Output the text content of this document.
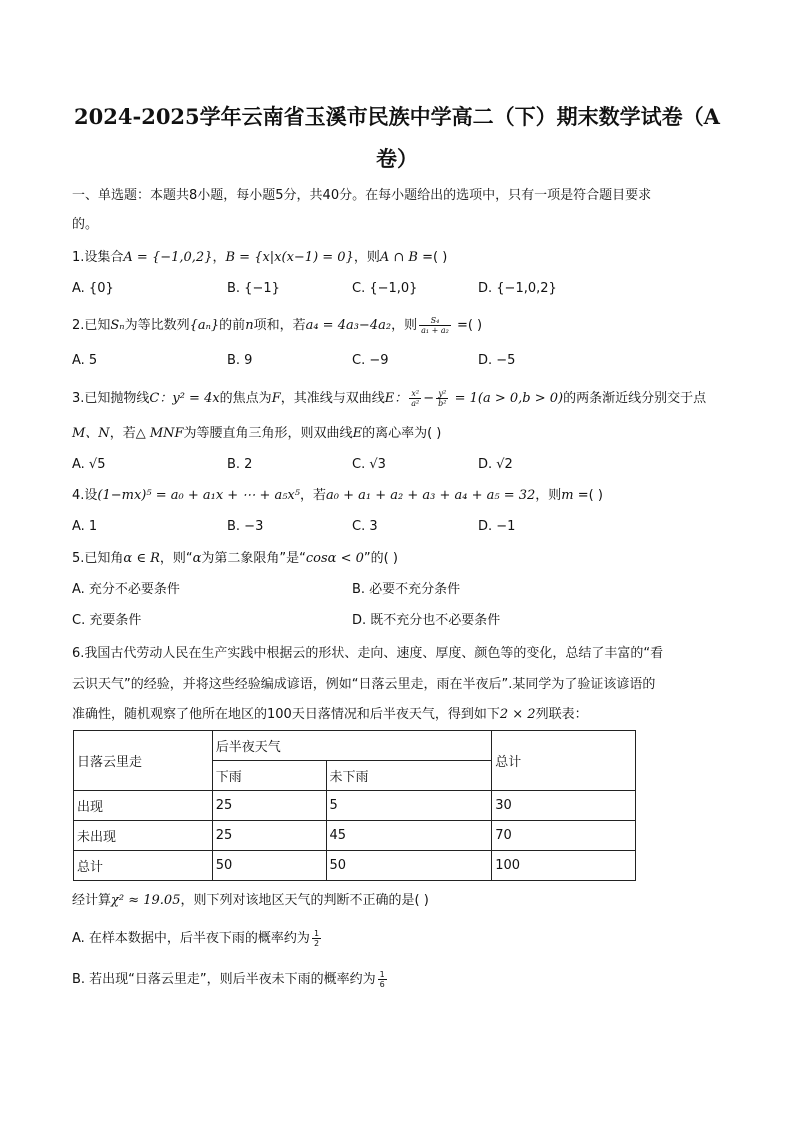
2024-2025学年云南省玉溪市民族中学高二（下）期末数学试卷（A
卷）
一、单选题：本题共8小题，每小题5分，共40分。在每小题给出的选项中，只有一项是符合题目要求
的。
1.设集合A = {−1,0,2}，B = {x|x(x−1) = 0}，则A ∩ B =( )
A. {0}	B. {−1}	C. {−1,0}	D. {−1,0,2}
2.已知Sₙ为等比数列{aₙ}的前n项和，若a₄ = 4a₃−4a₂，则 $\frac{\text{S₄}}{\text{a₁ + a₂}}$ =( )
A. 5	B. 9	C. −9	D. −5
3.已知抛物线C：y² = 4x的焦点为F，其准线与双曲线E： $\frac{\text{x²}}{\text{a²}} - \frac{\text{y²}}{\text{b²}} = 1(a > 0,b > 0)$的两条渐近线分别交于点
M、N，若△ MNF为等腰直角三角形，则双曲线E的离心率为( )
A. √5	B. 2	C. √3	D. √2
4.设(1−mx)⁵ = a₀ + a₁x + ⋯ + a₅x⁵，若a₀ + a₁ + a₂ + a₃ + a₄ + a₅ = 32，则m =( )
A. 1	B. −3	C. 3	D. −1
5.已知角α ∈ R，则“α为第二象限角”是“cosα < 0”的( )
A. 充分不必要条件	B. 必要不充分条件
C. 充要条件	D. 既不充分也不必要条件
6.我国古代劳动人民在生产实践中根据云的形状、走向、速度、厚度、颜色等的变化，总结了丰富的“看
云识天气”的经验，并将这些经验编成谚语，例如“日落云里走，雨在半夜后”.某同学为了验证该谚语的
准确性，随机观察了他所在地区的100天日落情况和后半夜天气，得到如下2 × 2列联表：
日落云里走	后半夜天气		总计
	下雨	未下雨	
出现	25	5	30
未出现	25	45	70
总计	50	50	100
经计算χ² ≈ 19.05，则下列对该地区天气的判断不正确的是( )
A. 在样本数据中，后半夜下雨的概率约为 $\frac{1}{2}$
B. 若出现“日落云里走”，则后半夜未下雨的概率约为 $\frac{1}{6}$
